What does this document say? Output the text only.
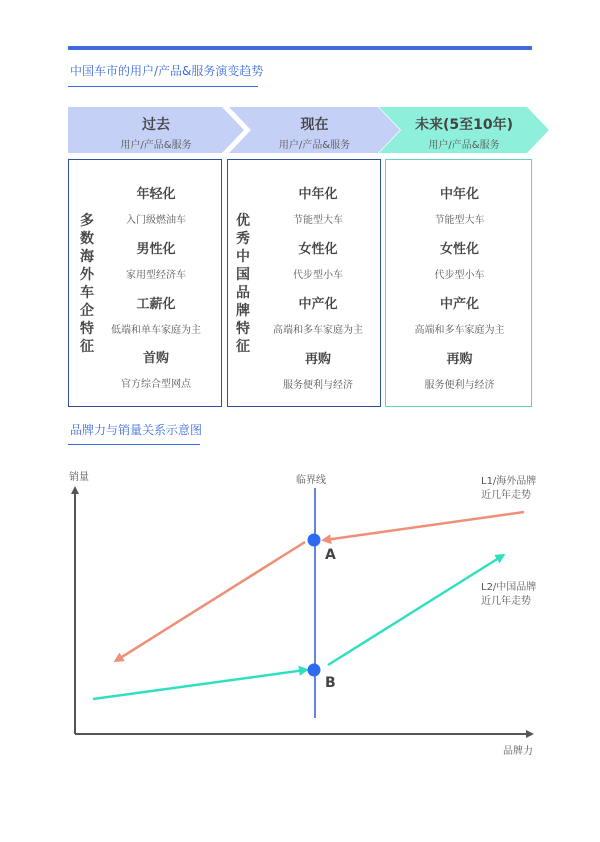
中国车市的用户/产品&服务演变趋势
过去
用户/产品&服务
现在
用户/产品&服务
未来(5至10年)
用户/产品&服务
多数海外车企特征
年轻化
入门级燃油车
男性化
家用型经济车
工薪化
低端和单车家庭为主
首购
官方综合型网点
优秀中国品牌特征
中年化
节能型大车
女性化
代步型小车
中产化
高端和多车家庭为主
再购
服务便利与经济
中年化
节能型大车
女性化
代步型小车
中产化
高端和多车家庭为主
再购
服务便利与经济
品牌力与销量关系示意图
销量
品牌力
临界线	L1/海外品牌
近几年走势
L2/中国品牌
近几年走势
A
B
